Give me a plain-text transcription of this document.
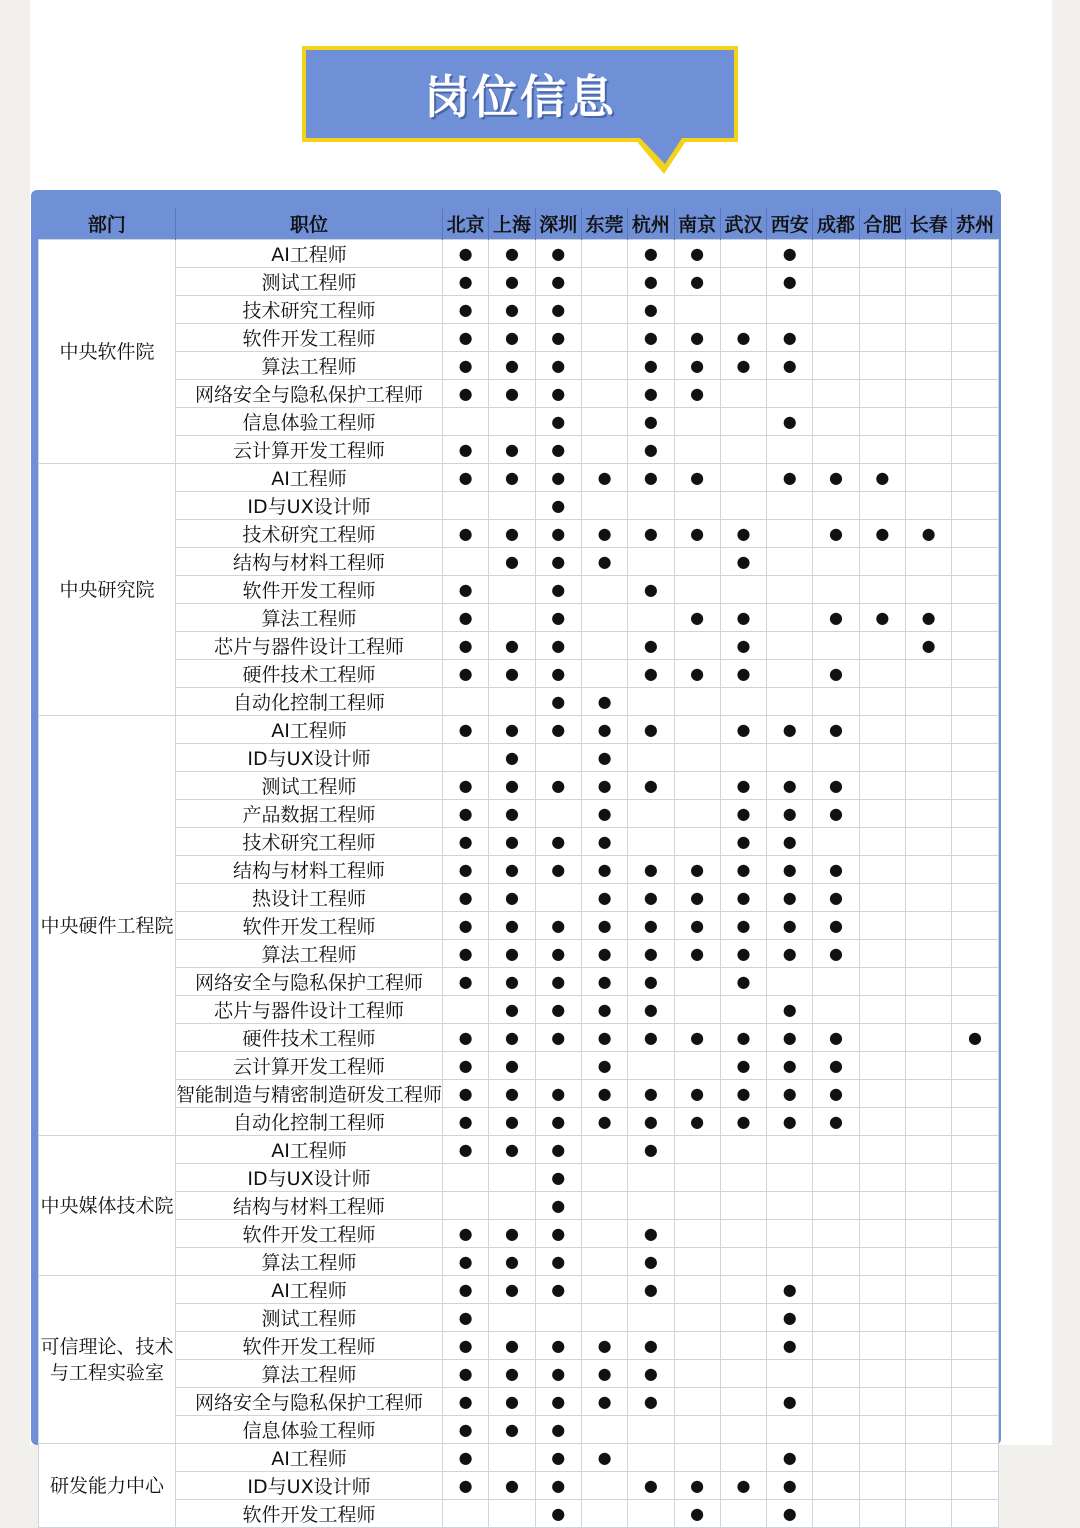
岗位信息
部门	职位	北京	上海	深圳	东莞	杭州	南京	武汉	西安	成都	合肥	长春	苏州
中央软件院	AI工程师	●	●	●		●	●		●				
	测试工程师	●	●	●		●	●		●				
	技术研究工程师	●	●	●		●							
	软件开发工程师	●	●	●		●	●	●	●				
	算法工程师	●	●	●		●	●	●	●				
	网络安全与隐私保护工程师	●	●	●		●	●						
	信息体验工程师			●		●			●				
	云计算开发工程师	●	●	●		●							
中央研究院	AI工程师	●	●	●	●	●	●		●	●	●		
	ID与UX设计师			●									
	技术研究工程师	●	●	●	●	●	●	●		●	●	●	
	结构与材料工程师		●	●	●			●					
	软件开发工程师	●		●		●							
	算法工程师	●		●			●	●		●	●	●	
	芯片与器件设计工程师	●	●	●		●		●				●	
	硬件技术工程师	●	●	●		●	●	●		●			
	自动化控制工程师			●	●								
中央硬件工程院	AI工程师	●	●	●	●	●		●	●	●			
	ID与UX设计师		●		●								
	测试工程师	●	●	●	●	●		●	●	●			
	产品数据工程师	●	●		●			●	●	●			
	技术研究工程师	●	●	●	●			●	●				
	结构与材料工程师	●	●	●	●	●	●	●	●	●			
	热设计工程师	●	●		●	●	●	●	●	●			
	软件开发工程师	●	●	●	●	●	●	●	●	●			
	算法工程师	●	●	●	●	●	●	●	●	●			
	网络安全与隐私保护工程师	●	●	●	●	●		●					
	芯片与器件设计工程师		●	●	●	●			●				
	硬件技术工程师	●	●	●	●	●	●	●	●	●			●
	云计算开发工程师	●	●		●			●	●	●			
	智能制造与精密制造研发工程师	●	●	●	●	●	●	●	●	●			
	自动化控制工程师	●	●	●	●	●	●	●	●	●			
中央媒体技术院	AI工程师	●	●	●		●							
	ID与UX设计师			●									
	结构与材料工程师			●									
	软件开发工程师	●	●	●		●							
	算法工程师	●	●	●		●							
可信理论、技术与工程实验室	AI工程师	●	●	●		●			●				
	测试工程师	●							●				
	软件开发工程师	●	●	●	●	●			●				
	算法工程师	●	●	●	●	●							
	网络安全与隐私保护工程师	●	●	●	●	●			●				
	信息体验工程师	●	●	●									
研发能力中心	AI工程师	●		●	●				●				
	ID与UX设计师	●	●	●		●	●	●	●				
	软件开发工程师			●			●		●				
